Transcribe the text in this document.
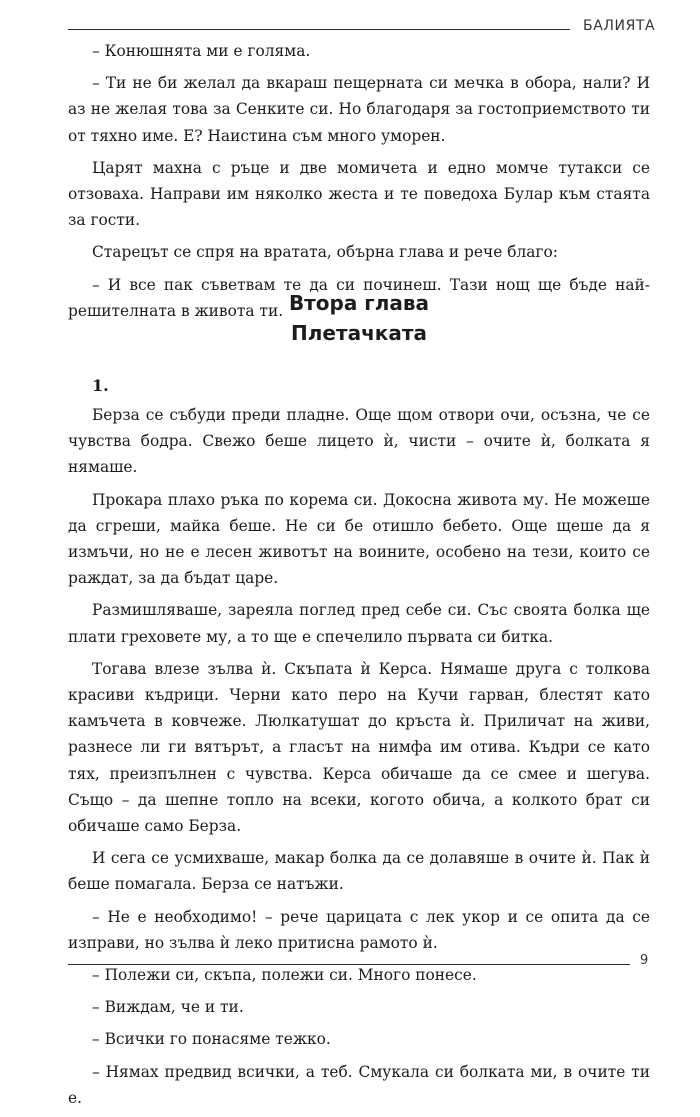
БАЛИЯТА

– Конюшнята ми е голяма.

– Ти не би желал да вкараш пещерната си мечка в обора, нали? И аз не желая това за Сенките си. Но благодаря за гостоприемството ти от тяхно име. Е? Наистина съм много уморен.

Царят махна с ръце и две момичета и едно момче тутакси се отзоваха. Направи им няколко жеста и те поведоха Булар към стаята за гости.

Старецът се спря на вратата, обърна глава и рече благо:

– И все пак съветвам те да си починеш. Тази нощ ще бъде най-решителната в живота ти. Втора глава
Плетачката
1.

Берза се събуди преди пладне. Още щом отвори очи, осъзна, че се чувства бодра. Свежо беше лицето ѝ, чисти – очите ѝ, болката я нямаше.

Прокара плахо ръка по корема си. Докосна живота му. Не можеше да сгреши, майка беше. Не си бе отишло бебето. Още щеше да я измъчи, но не е лесен животът на воините, особено на тези, които се раждат, за да бъдат царе.

Размишляваше, зареяла поглед пред себе си. Със своята болка ще плати греховете му, а то ще е спечелило първата си битка.

Тогава влезе зълва ѝ. Скъпата ѝ Керса. Нямаше друга с толкова красиви къдрици. Черни като перо на Кучи гарван, блестят като камъчета в ковчеже. Люлкатушат до кръста ѝ. Приличат на живи, разнесе ли ги вятърът, а гласът на нимфа им отива. Къдри се като тях, преизпълнен с чувства. Керса обичаше да се смее и шегува. Също – да шепне топло на всеки, когото обича, а колкото брат си обичаше само Берза.

И сега се усмихваше, макар болка да се долавяше в очите ѝ. Пак ѝ беше помагала. Берза се натъжи.

– Не е необходимо! – рече царицата с лек укор и се опита да се изправи, но зълва ѝ леко притисна рамото ѝ.

– Полежи си, скъпа, полежи си. Много понесе.

– Виждам, че и ти.

– Всички го понасяме тежко.

– Нямах предвид всички, а теб. Смукала си болката ми, в очите ти е.

9
